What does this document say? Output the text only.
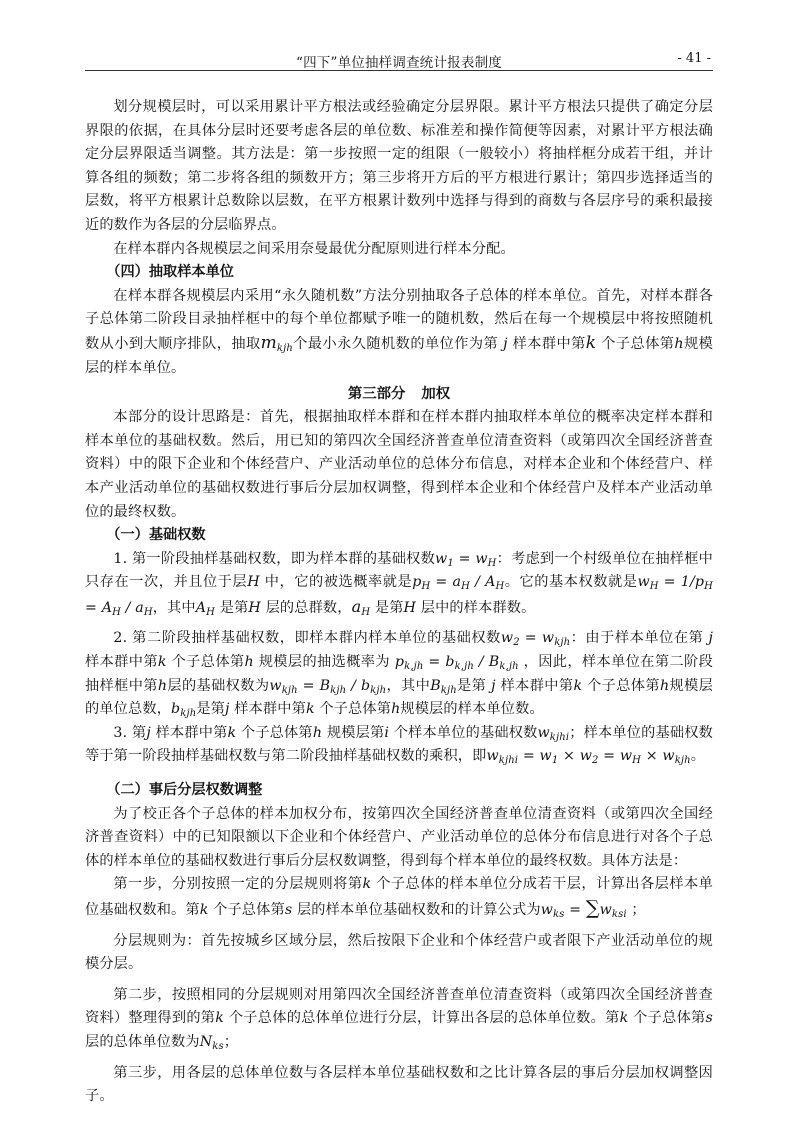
“四下”单位抽样调查统计报表制度	- 41 -

划分规模层时，可以采用累计平方根法或经验确定分层界限。累计平方根法只提供了确定分层界限的依据，在具体分层时还要考虑各层的单位数、标准差和操作简便等因素，对累计平方根法确定分层界限适当调整。其方法是：第一步按照一定的组限（一般较小）将抽样框分成若干组，并计算各组的频数；第二步将各组的频数开方；第三步将开方后的平方根进行累计；第四步选择适当的层数，将平方根累计总数除以层数，在平方根累计数列中选择与得到的商数与各层序号的乘积最接近的数作为各层的分层临界点。

在样本群内各规模层之间采用奈曼最优分配原则进行样本分配。

（四）抽取样本单位

在样本群各规模层内采用“永久随机数”方法分别抽取各子总体的样本单位。首先，对样本群各子总体第二阶段目录抽样框中的每个单位都赋予唯一的随机数，然后在每一个规模层中将按照随机数从小到大顺序排队，抽取$m_{kjh}$个最小永久随机数的单位作为第 j 样本群中第k 个子总体第h规模层的样本单位。

第三部分 加权

本部分的设计思路是：首先，根据抽取样本群和在样本群内抽取样本单位的概率决定样本群和样本单位的基础权数。然后，用已知的第四次全国经济普查单位清查资料（或第四次全国经济普查资料）中的限下企业和个体经营户、产业活动单位的总体分布信息，对样本企业和个体经营户、样本产业活动单位的基础权数进行事后分层加权调整，得到样本企业和个体经营户及样本产业活动单位的最终权数。

（一）基础权数

1. 第一阶段抽样基础权数，即为样本群的基础权数$w_1 = w_H$：考虑到一个村级单位在抽样框中只存在一次，并且位于层H 中，它的被选概率就是$p_H = a_H / A_H$。它的基本权数就是$w_H = 1/p_H = A_H / a_H$，其中$A_H$ 是第H 层的总群数，$a_H$ 是第H 层中的样本群数。

2. 第二阶段抽样基础权数，即样本群内样本单位的基础权数$w_2 = w_{kjh}$：由于样本单位在第 j 样本群中第k 个子总体第h 规模层的抽选概率为 $p_{k,jh} = b_{k,jh} / B_{k,jh}$ ，因此，样本单位在第二阶段抽样框中第h层的基础权数为$w_{kjh} = B_{kjh} / b_{kjh}$，其中$B_{kjh}$是第 j 样本群中第k 个子总体第h规模层的单位总数，$b_{kjh}$是第j 样本群中第k 个子总体第h规模层的样本单位数。

3. 第j 样本群中第k 个子总体第h 规模层第i 个样本单位的基础权数$w_{kjhi}$；样本单位的基础权数等于第一阶段抽样基础权数与第二阶段抽样基础权数的乘积，即$w_{kjhi} = w_1 \times w_2 = w_H \times w_{kjh}$。

（二）事后分层权数调整

为了校正各个子总体的样本加权分布，按第四次全国经济普查单位清查资料（或第四次全国经济普查资料）中的已知限额以下企业和个体经营户、产业活动单位的总体分布信息进行对各个子总体的样本单位的基础权数进行事后分层权数调整，得到每个样本单位的最终权数。具体方法是：

第一步，分别按照一定的分层规则将第k 个子总体的样本单位分成若干层，计算出各层样本单位基础权数和。第k 个子总体第s 层的样本单位基础权数和的计算公式为$w_{ks} = \sum w_{ksi}$ ；

分层规则为：首先按城乡区域分层，然后按限下企业和个体经营户或者限下产业活动单位的规模分层。

第二步，按照相同的分层规则对用第四次全国经济普查单位清查资料（或第四次全国经济普查资料）整理得到的第k 个子总体的总体单位进行分层，计算出各层的总体单位数。第k 个子总体第s 层的总体单位数为$N_{ks}$；

第三步，用各层的总体单位数与各层样本单位基础权数和之比计算各层的事后分层加权调整因子。
